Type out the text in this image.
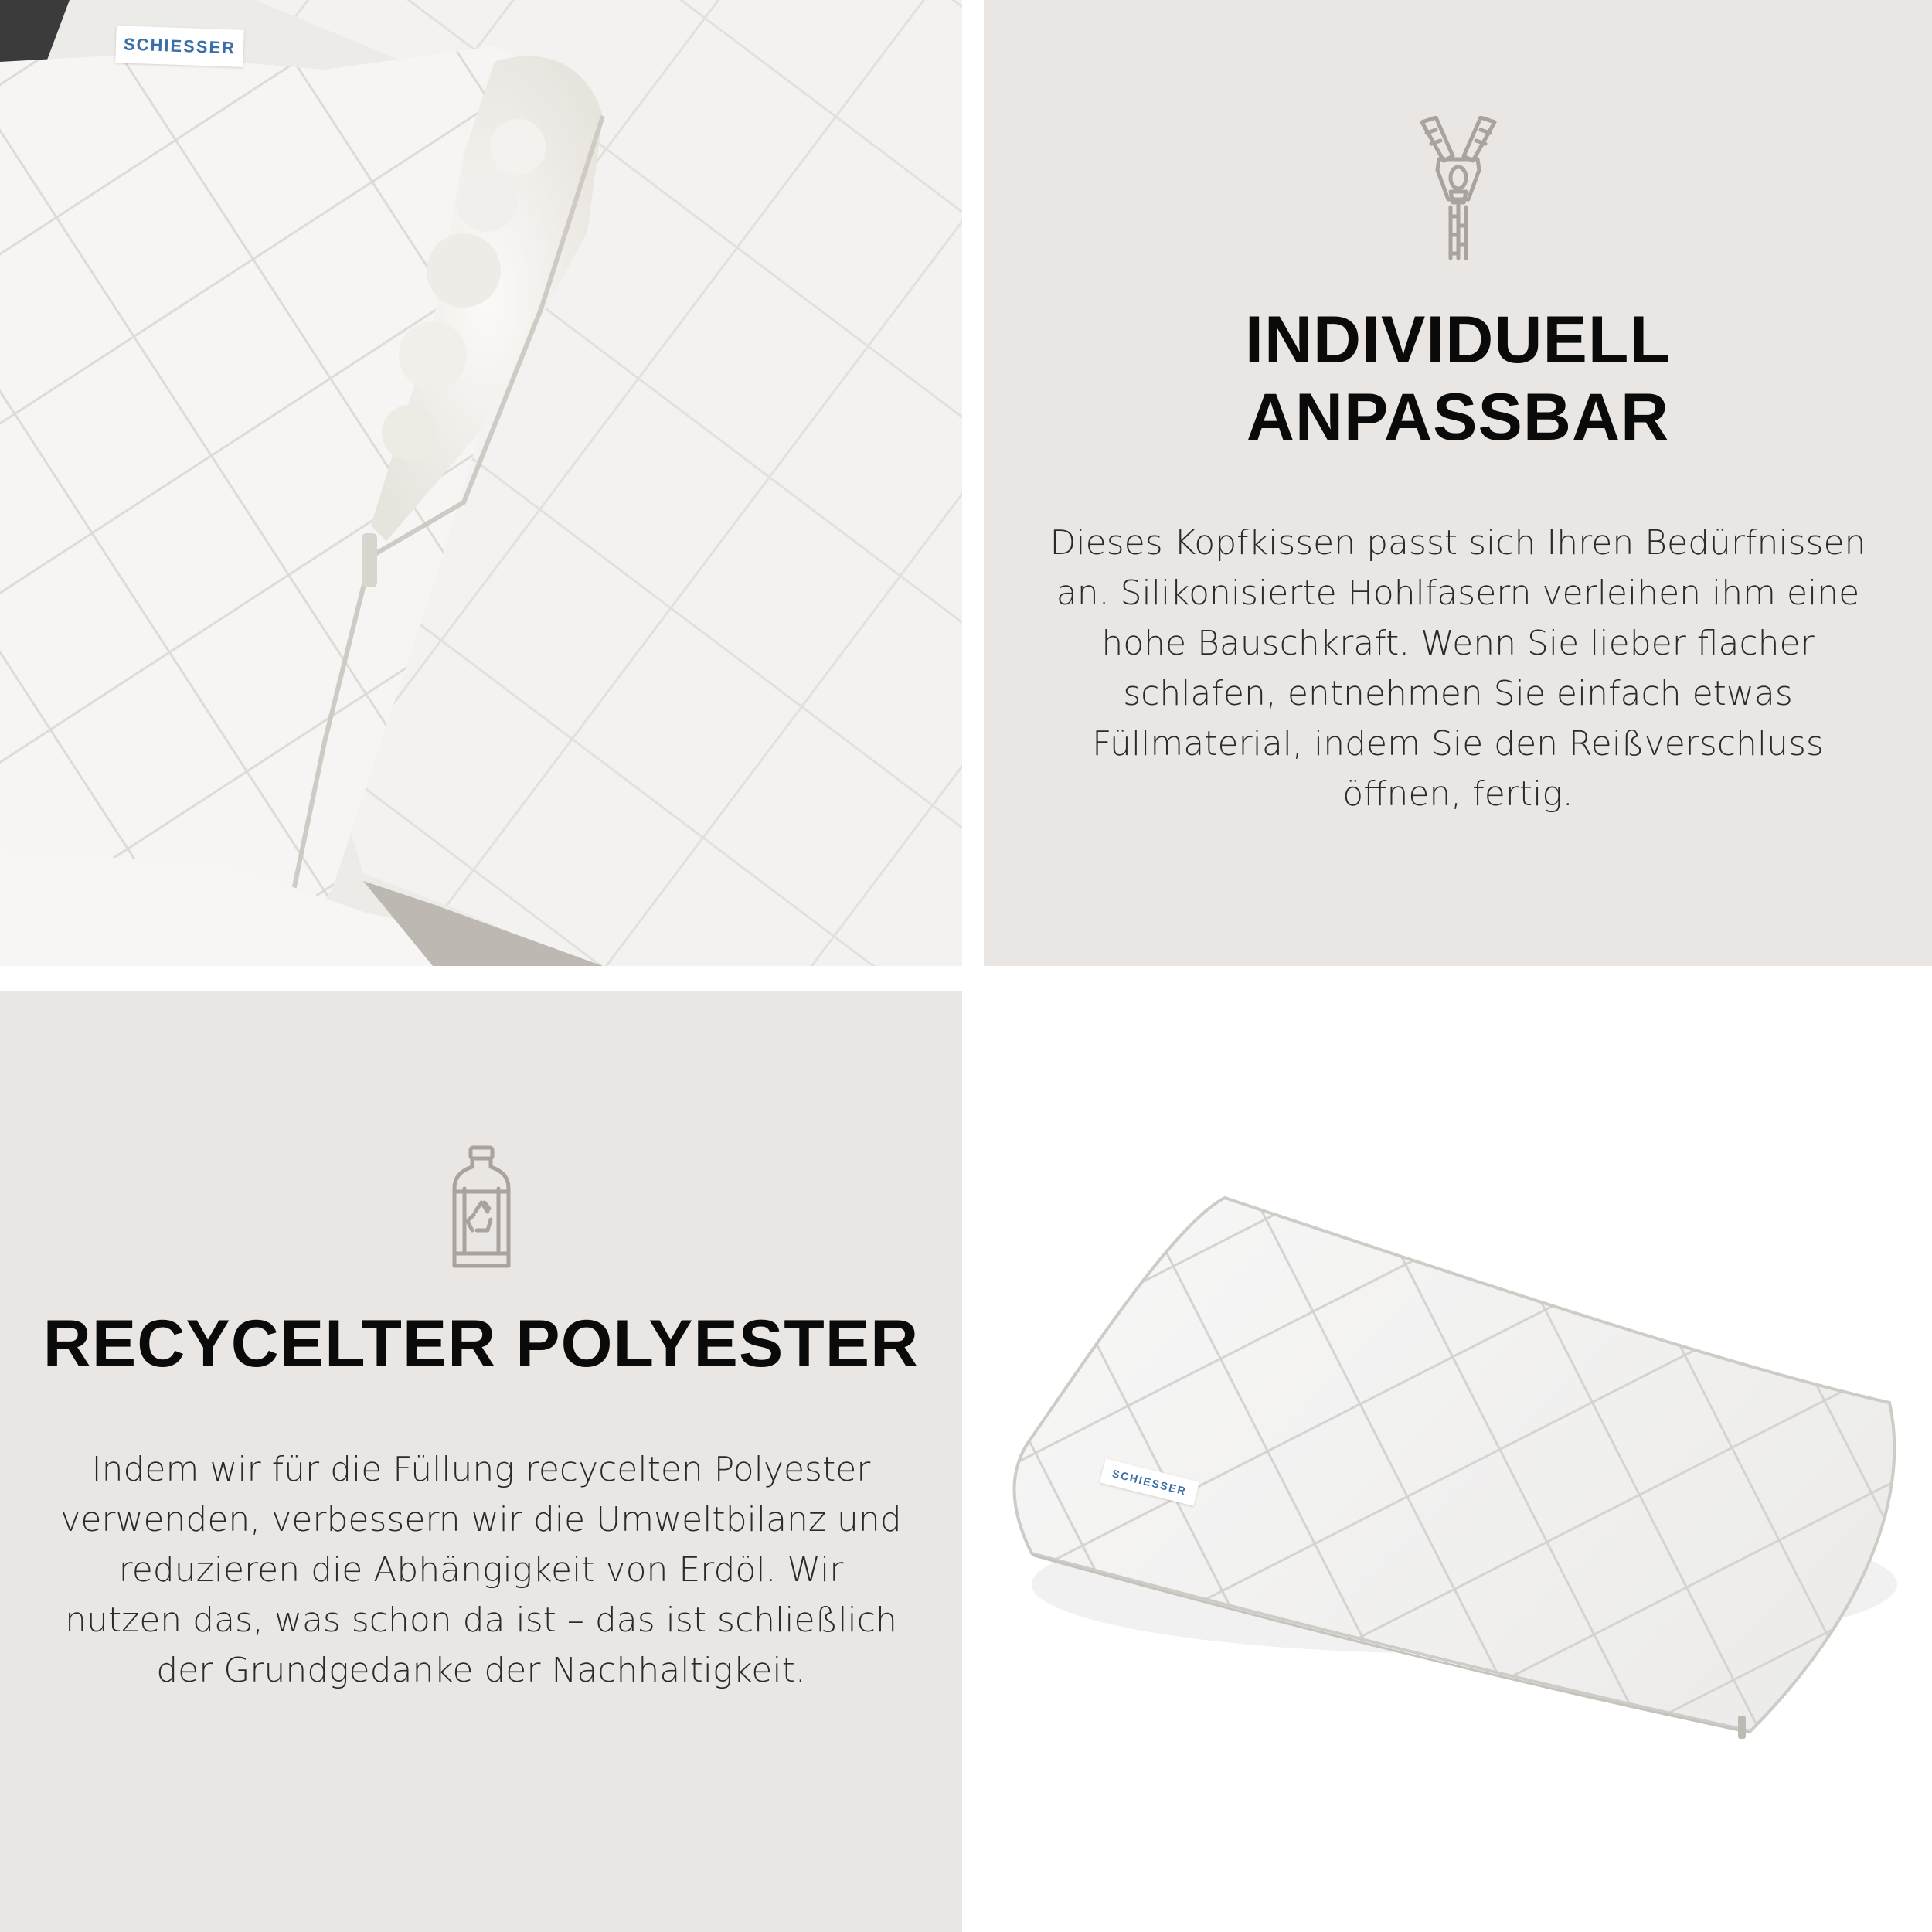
SCHIESSER
INDIVIDUELL ANPASSBAR

Dieses Kopfkissen passt sich Ihren Bedürfnissen an. Silikonisierte Hohlfasern verleihen ihm eine hohe Bauschkraft. Wenn Sie lieber flacher schlafen, entnehmen Sie einfach etwas Füllmaterial, indem Sie den Reißverschluss öffnen, fertig.

RECYCELTER POLYESTER

Indem wir für die Füllung recycelten Polyester verwenden, verbessern wir die Umweltbilanz und reduzieren die Abhängigkeit von Erdöl. Wir nutzen das, was schon da ist – das ist schließlich der Grundgedanke der Nachhaltigkeit.

SCHIESSER
